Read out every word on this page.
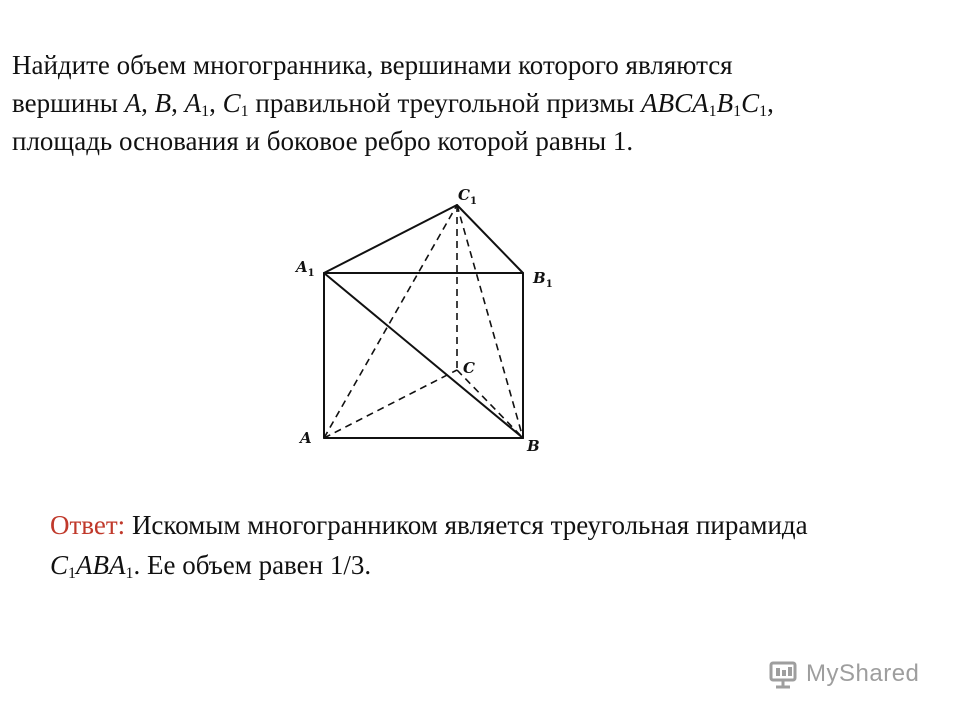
Найдите объем многогранника, вершинами которого являются
вершины A, B, $A_1$, $C_1$ правильной треугольной призмы $ABCA_1B_1C_1$,
площадь основания и боковое ребро которой равны 1.
$C_1$
$A_1$	$B_1$
C
A	B
Ответ: Искомым многогранником является треугольная пирамида
$C_1ABA_1$. Ее объем равен 1/3.
MyShared
